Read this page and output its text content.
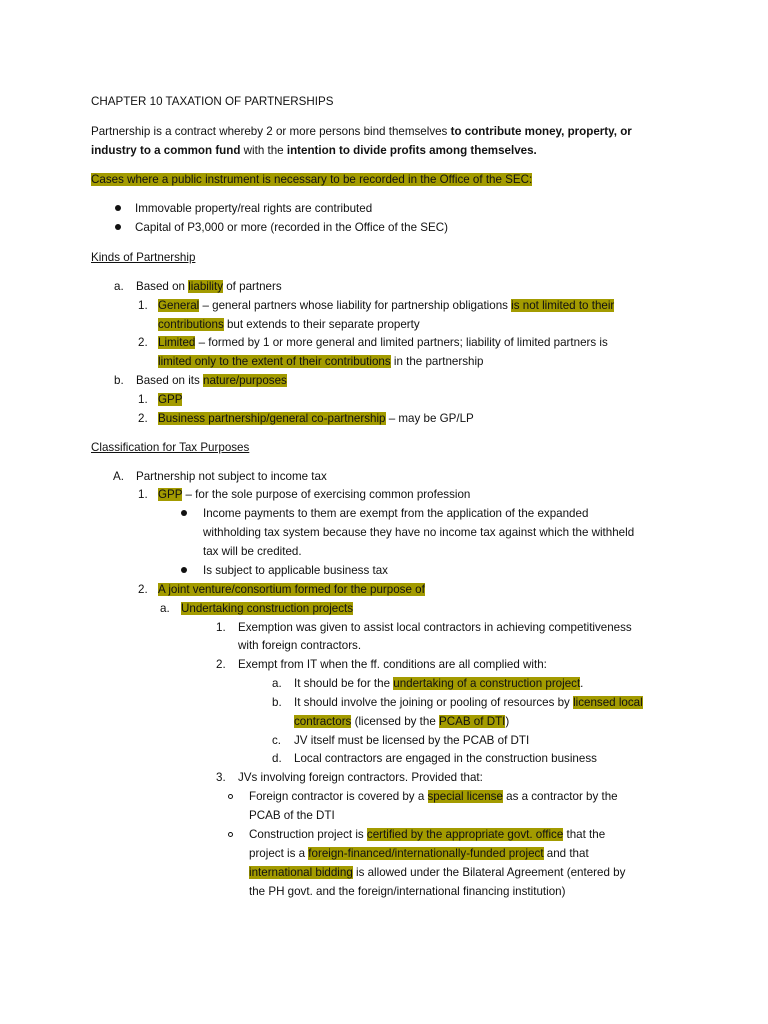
CHAPTER 10 TAXATION OF PARTNERSHIPS
Partnership is a contract whereby 2 or more persons bind themselves to contribute money, property, or
industry to a common fund with the intention to divide profits among themselves.
Cases where a public instrument is necessary to be recorded in the Office of the SEC:
Immovable property/real rights are contributed
Capital of P3,000 or more (recorded in the Office of the SEC)
Kinds of Partnership
a. Based on liability of partners
1. General – general partners whose liability for partnership obligations is not limited to their
contributions but extends to their separate property
2. Limited – formed by 1 or more general and limited partners; liability of limited partners is
limited only to the extent of their contributions in the partnership
b. Based on its nature/purposes
1. GPP
2. Business partnership/general co-partnership – may be GP/LP
Classification for Tax Purposes
A. Partnership not subject to income tax
1. GPP – for the sole purpose of exercising common profession
Income payments to them are exempt from the application of the expanded
withholding tax system because they have no income tax against which the withheld
tax will be credited.
Is subject to applicable business tax
2. A joint venture/consortium formed for the purpose of
a. Undertaking construction projects
1. Exemption was given to assist local contractors in achieving competitiveness
with foreign contractors.
2. Exempt from IT when the ff. conditions are all complied with:
a. It should be for the undertaking of a construction project.
b. It should involve the joining or pooling of resources by licensed local
contractors (licensed by the PCAB of DTI)
c. JV itself must be licensed by the PCAB of DTI
d. Local contractors are engaged in the construction business
3. JVs involving foreign contractors. Provided that:
Foreign contractor is covered by a special license as a contractor by the
PCAB of the DTI
Construction project is certified by the appropriate govt. office that the
project is a foreign-financed/internationally-funded project and that
international bidding is allowed under the Bilateral Agreement (entered by
the PH govt. and the foreign/international financing institution)
